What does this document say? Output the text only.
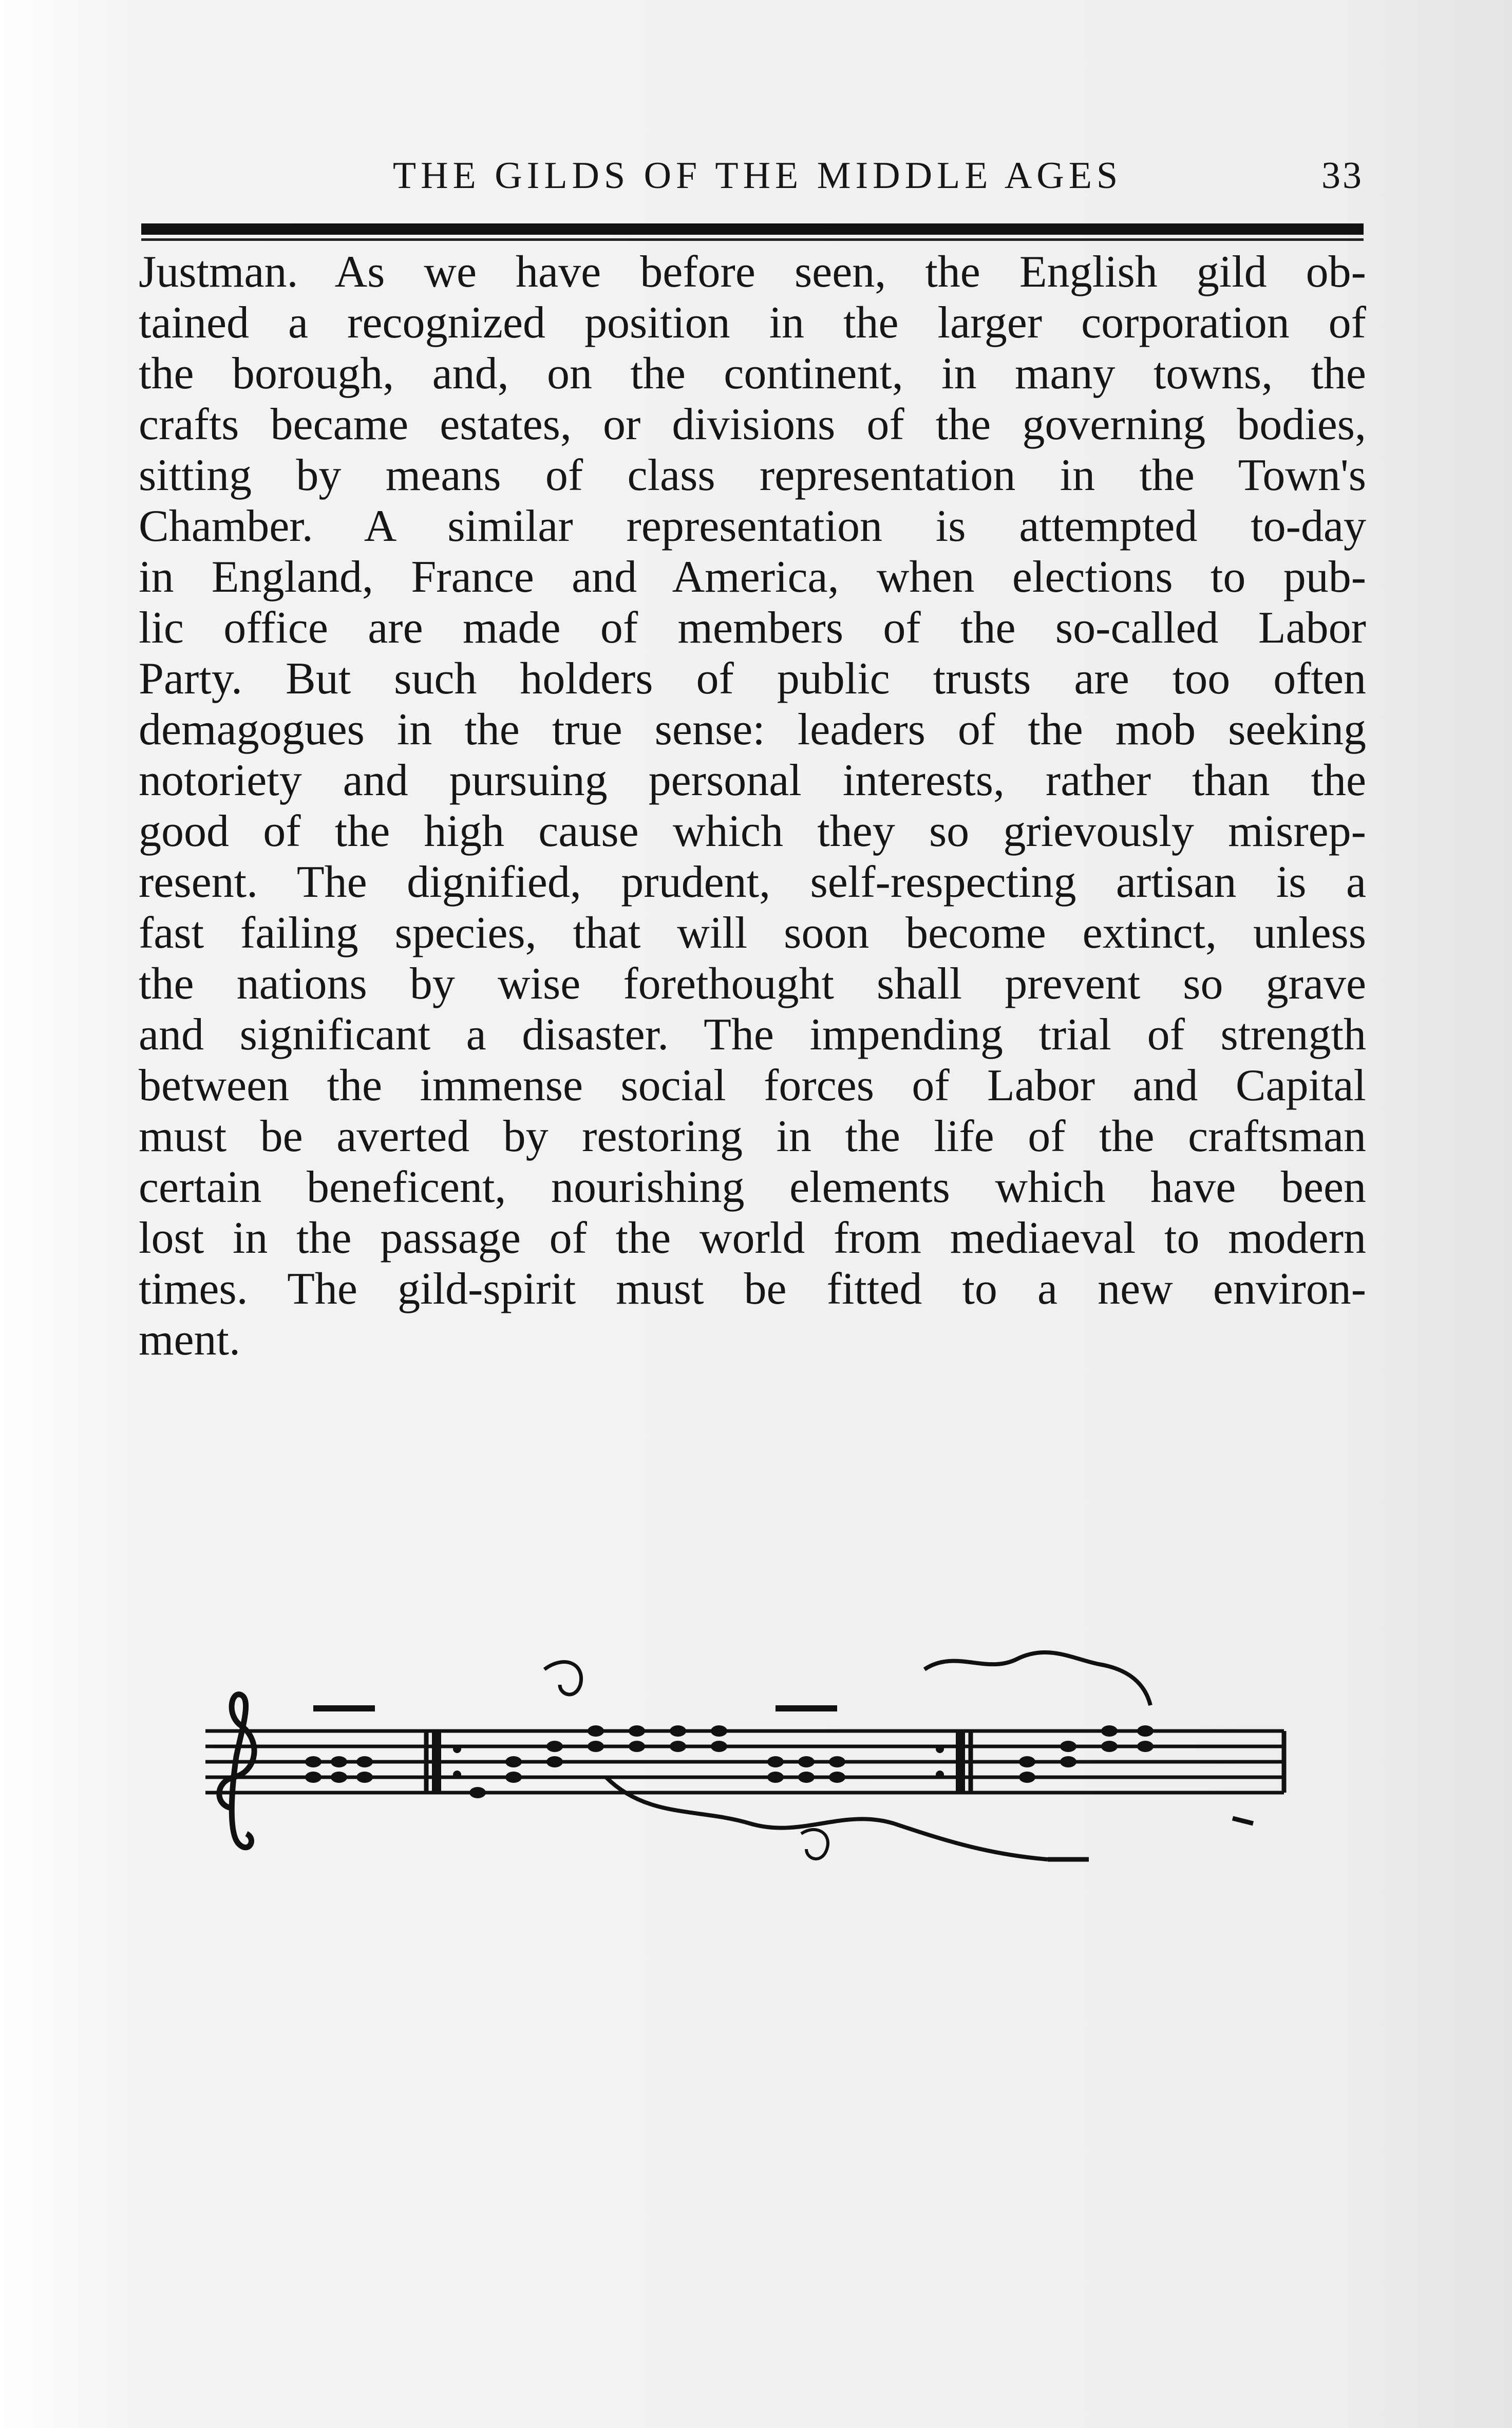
THE GILDS OF THE MIDDLE AGES	33
Justman. As we have before seen, the English gild ob-
tained a recognized position in the larger corporation of
the borough, and, on the continent, in many towns, the
crafts became estates, or divisions of the governing bodies,
sitting by means of class representation in the Town's
Chamber. A similar representation is attempted to-day
in England, France and America, when elections to pub-
lic office are made of members of the so-called Labor
Party. But such holders of public trusts are too often
demagogues in the true sense: leaders of the mob seeking
notoriety and pursuing personal interests, rather than the
good of the high cause which they so grievously misrep-
resent. The dignified, prudent, self-respecting artisan is a
fast failing species, that will soon become extinct, unless
the nations by wise forethought shall prevent so grave
and significant a disaster. The impending trial of strength
between the immense social forces of Labor and Capital
must be averted by restoring in the life of the craftsman
certain beneficent, nourishing elements which have been
lost in the passage of the world from mediaeval to modern
times. The gild-spirit must be fitted to a new environ-
ment.
